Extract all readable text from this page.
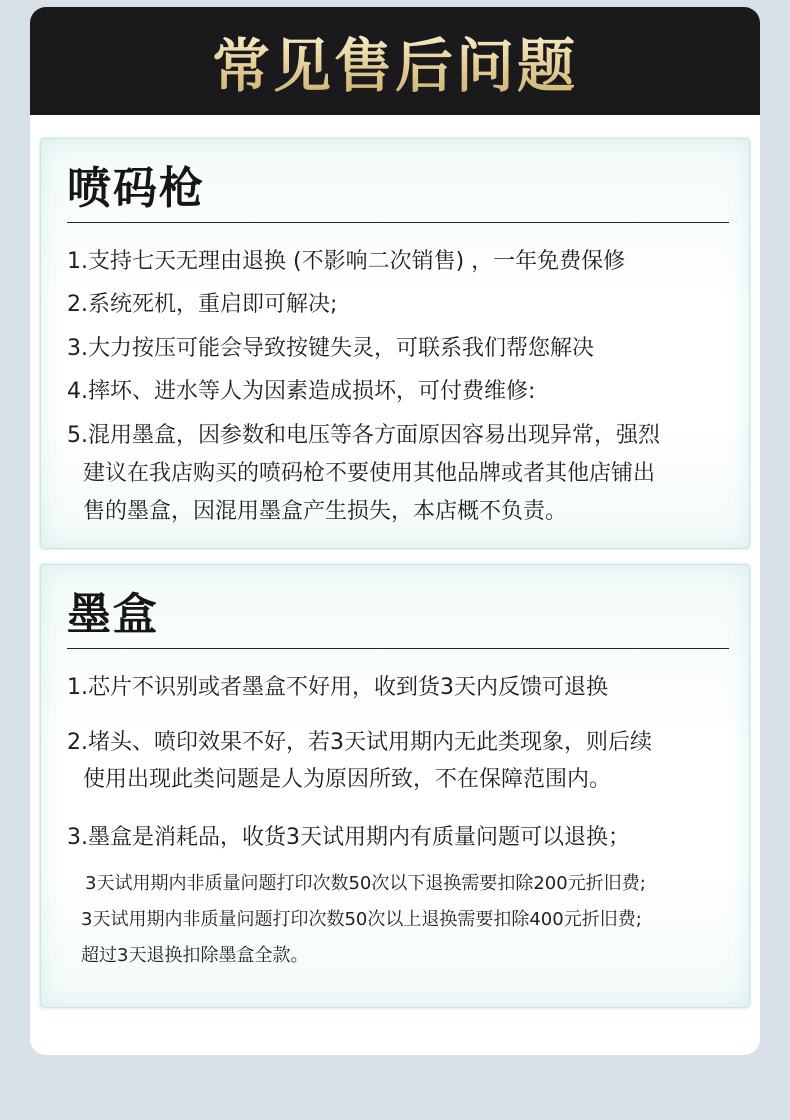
常见售后问题
喷码枪
1.支持七天无理由退换 (不影响二次销售) ，一年免费保修
2.系统死机，重启即可解决;
3.大力按压可能会导致按键失灵，可联系我们帮您解决
4.摔坏、进水等人为因素造成损坏，可付费维修:
5.混用墨盒，因参数和电压等各方面原因容易出现异常，强烈
建议在我店购买的喷码枪不要使用其他品牌或者其他店铺出
售的墨盒，因混用墨盒产生损失，本店概不负责。
墨盒
1.芯片不识别或者墨盒不好用，收到货3天内反馈可退换
2.堵头、喷印效果不好，若3天试用期内无此类现象，则后续
使用出现此类问题是人为原因所致，不在保障范围内。
3.墨盒是消耗品，收货3天试用期内有质量问题可以退换；
3天试用期内非质量问题打印次数50次以下退换需要扣除200元折旧费;
3天试用期内非质量问题打印次数50次以上退换需要扣除400元折旧费;
超过3天退换扣除墨盒全款。
